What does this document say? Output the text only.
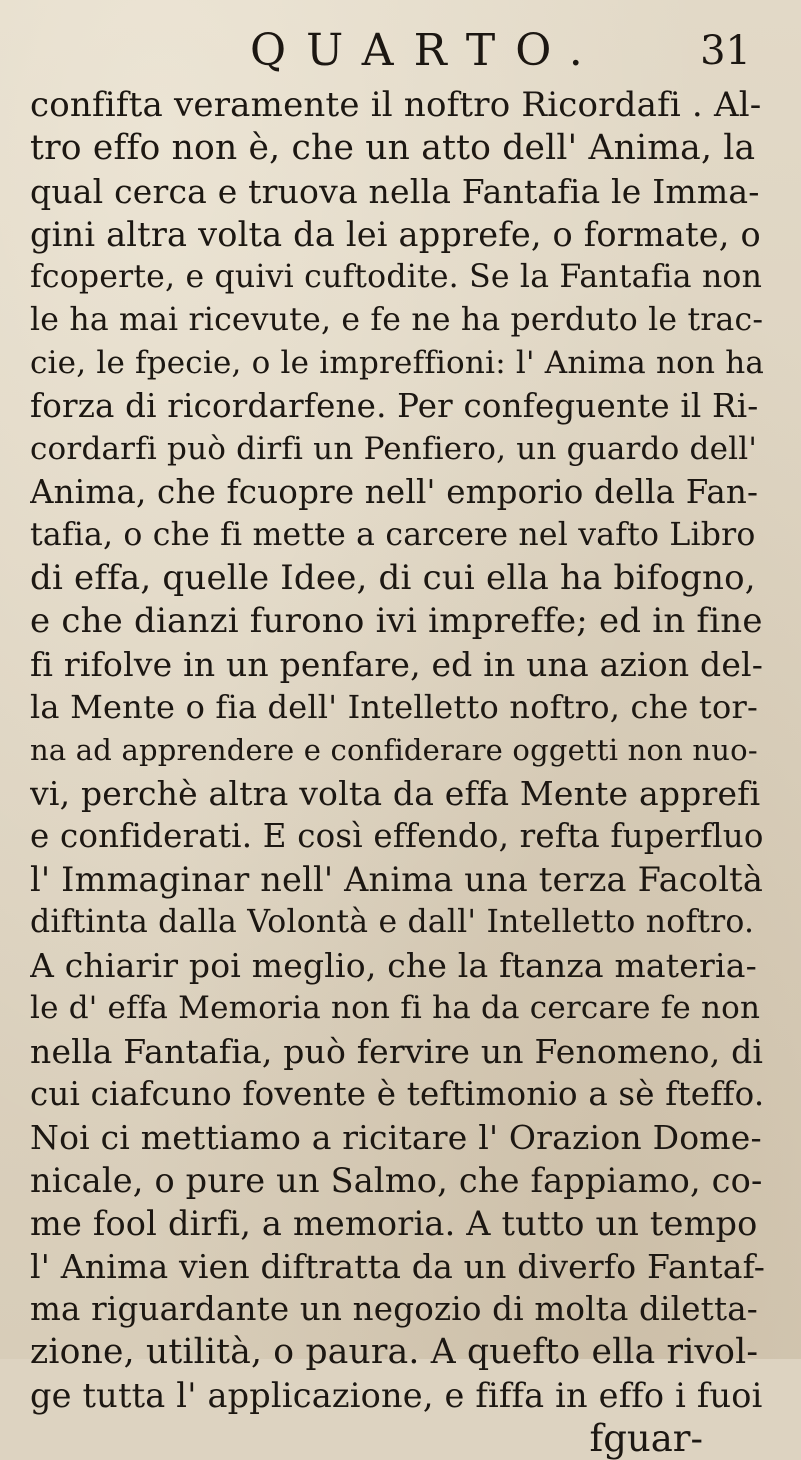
QUARTO. 31
confifta veramente il noftro Ricordafi . Al-
tro effo non è, che un atto dell' Anima, la
qual cerca e truova nella Fantafia le Imma-
gini altra volta da lei apprefe, o formate, o
fcoperte, e quivi cuftodite. Se la Fantafia non
le ha mai ricevute, e fe ne ha perduto le trac-
cie, le fpecie, o le impreffioni: l' Anima non ha
forza di ricordarfene. Per confeguente il Ri-
cordarfi può dirfi un Penfiero, un guardo dell'
Anima, che fcuopre nell' emporio della Fan-
tafia, o che fi mette a carcere nel vafto Libro
di effa, quelle Idee, di cui ella ha bifogno,
e che dianzi furono ivi impreffe; ed in fine
fi rifolve in un penfare, ed in una azion del-
la Mente o fia dell' Intelletto noftro, che tor-
na ad apprendere e confiderare oggetti non nuo-
vi, perchè altra volta da effa Mente apprefi
e confiderati. E così effendo, refta fuperfluo
l' Immaginar nell' Anima una terza Facoltà
diftinta dalla Volontà e dall' Intelletto noftro.
A chiarir poi meglio, che la ftanza materia-
le d' effa Memoria non fi ha da cercare fe non
nella Fantafia, può fervire un Fenomeno, di
cui ciafcuno fovente è teftimonio a sè fteffo.
Noi ci mettiamo a ricitare l' Orazion Dome-
nicale, o pure un Salmo, che fappiamo, co-
me fool dirfi, a memoria. A tutto un tempo
l' Anima vien diftratta da un diverfo Fantaf-
ma riguardante un negozio di molta diletta-
zione, utilità, o paura. A quefto ella rivol-
ge tutta l' applicazione, e fiffa in effo i fuoi
fguar-
